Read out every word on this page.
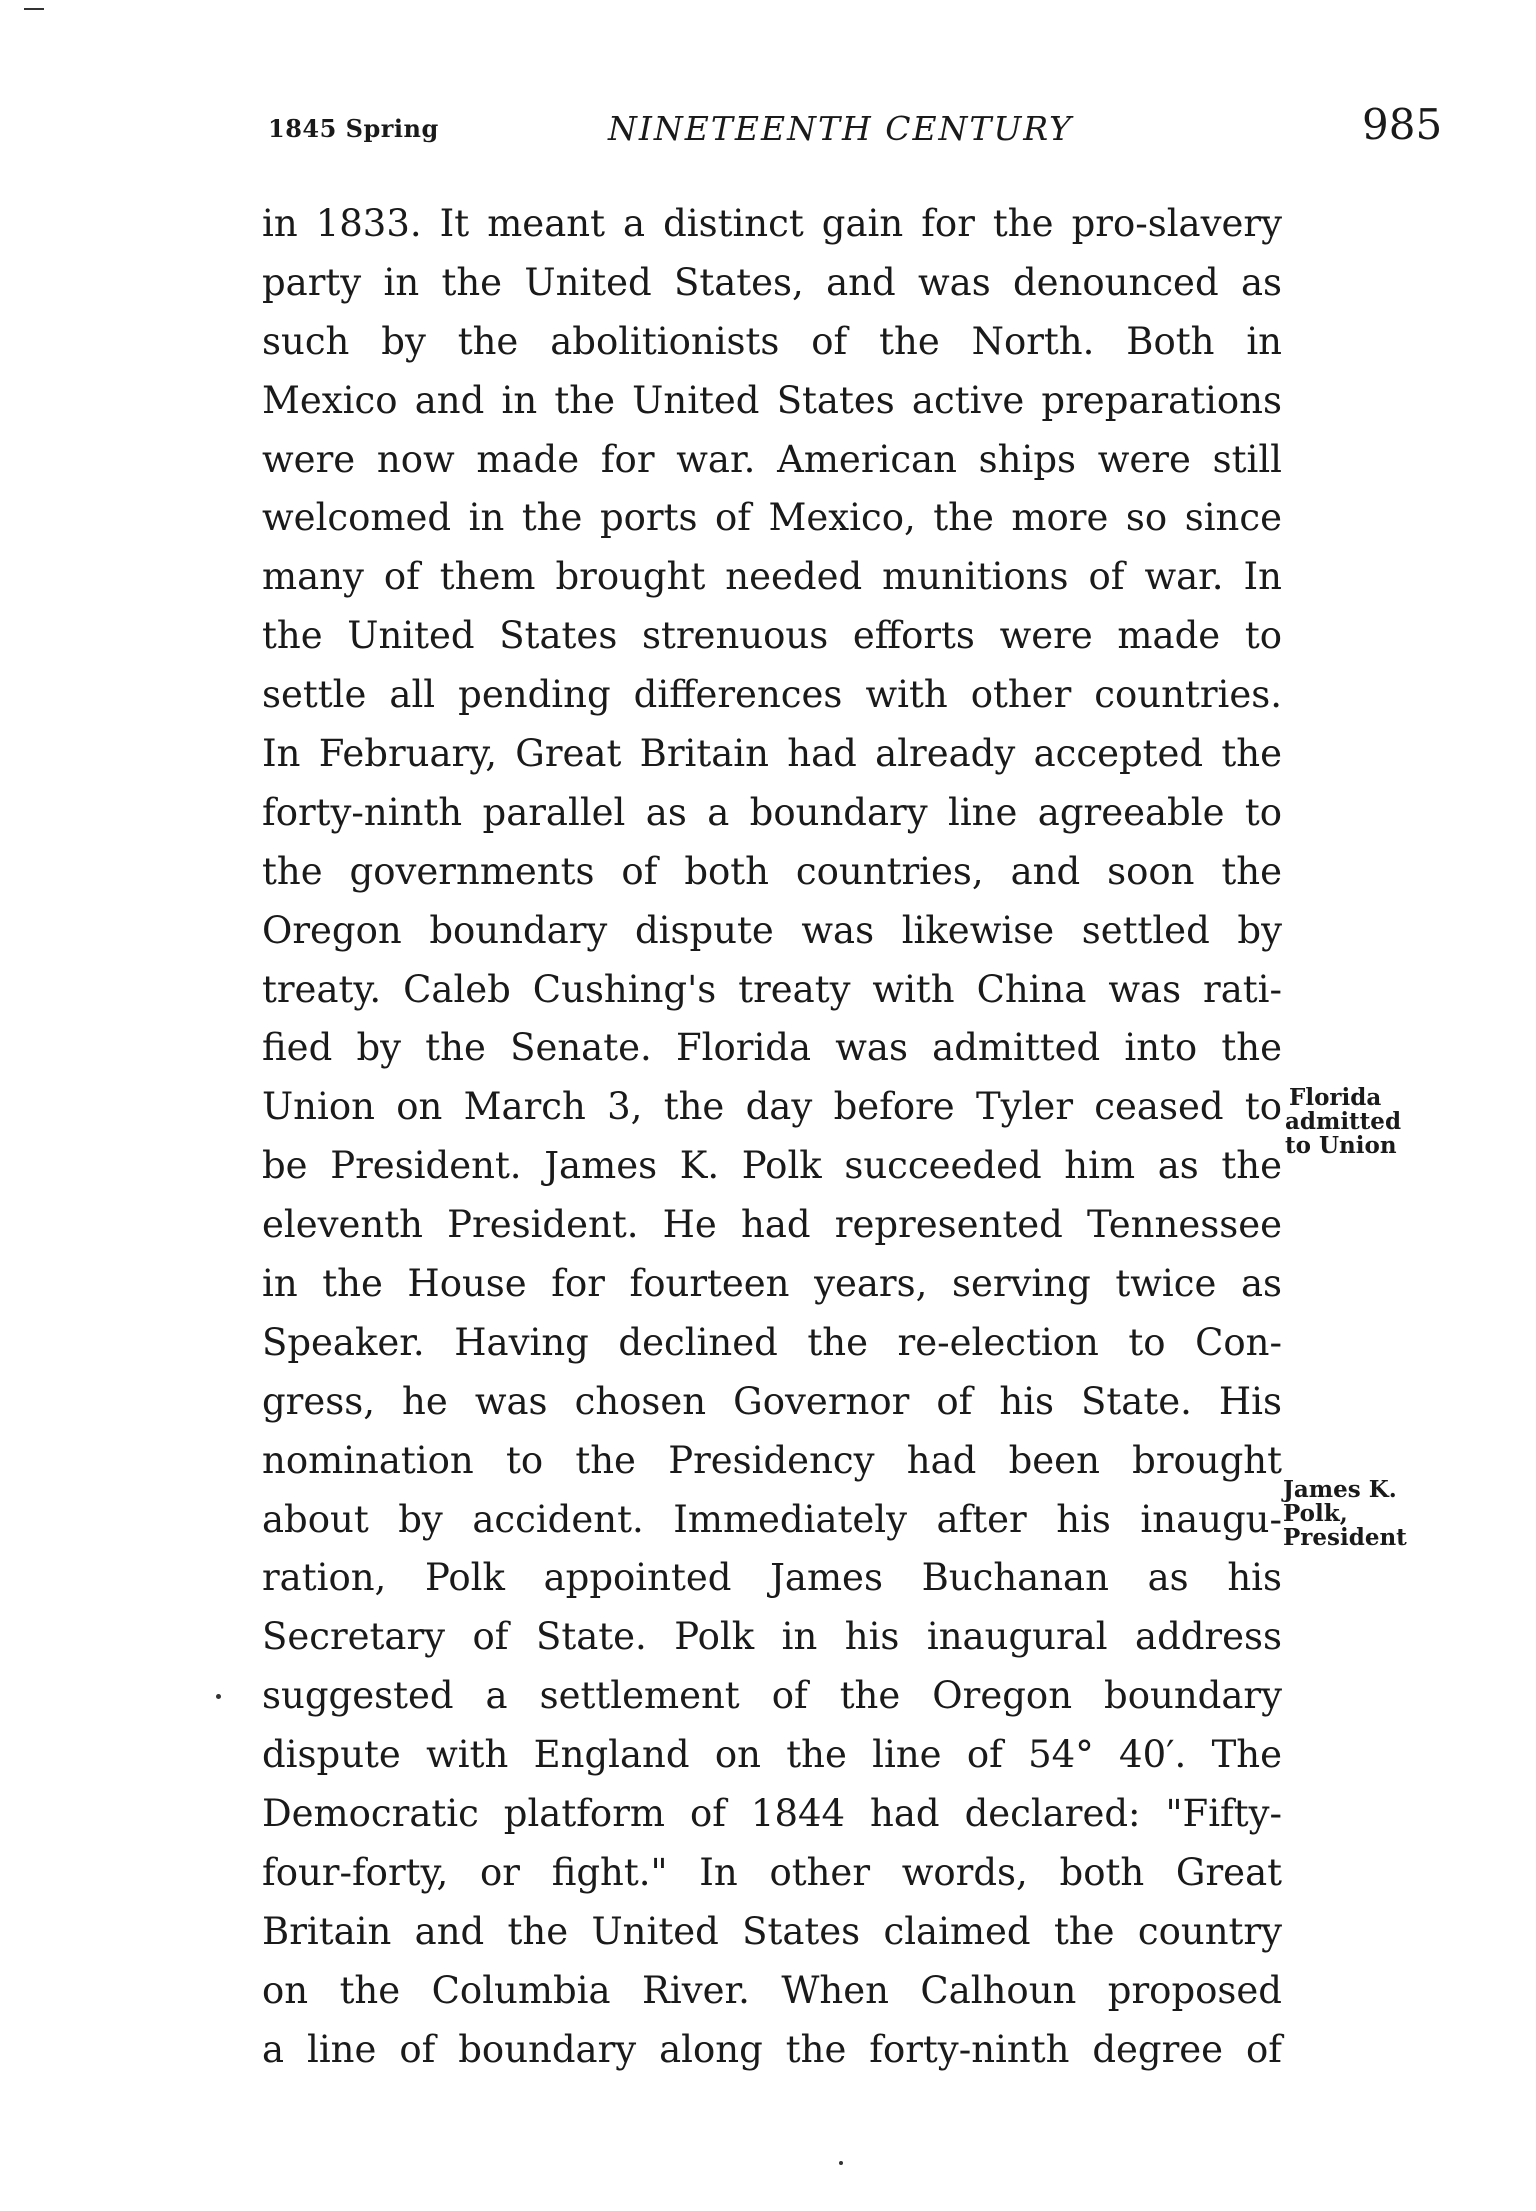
1845 Spring	NINETEENTH CENTURY	985
in 1833. It meant a distinct gain for the pro-slavery
party in the United States, and was denounced as
such by the abolitionists of the North. Both in
Mexico and in the United States active preparations
were now made for war. American ships were still
welcomed in the ports of Mexico, the more so since
many of them brought needed munitions of war. In
the United States strenuous efforts were made to
settle all pending differences with other countries.
In February, Great Britain had already accepted the
forty-ninth parallel as a boundary line agreeable to
the governments of both countries, and soon the
Oregon boundary dispute was likewise settled by
treaty. Caleb Cushing's treaty with China was rati-
fied by the Senate. Florida was admitted into the
Union on March 3, the day before Tyler ceased to
be President. James K. Polk succeeded him as the
eleventh President. He had represented Tennessee
in the House for fourteen years, serving twice as
Speaker. Having declined the re-election to Con-
gress, he was chosen Governor of his State. His
nomination to the Presidency had been brought
about by accident. Immediately after his inaugu-
ration, Polk appointed James Buchanan as his
Secretary of State. Polk in his inaugural address
suggested a settlement of the Oregon boundary
dispute with England on the line of 54° 40′. The
Democratic platform of 1844 had declared: "Fifty-
four-forty, or fight." In other words, both Great
Britain and the United States claimed the country
on the Columbia River. When Calhoun proposed
a line of boundary along the forty-ninth degree of
Florida
admitted
to Union
James K.
Polk,
President
